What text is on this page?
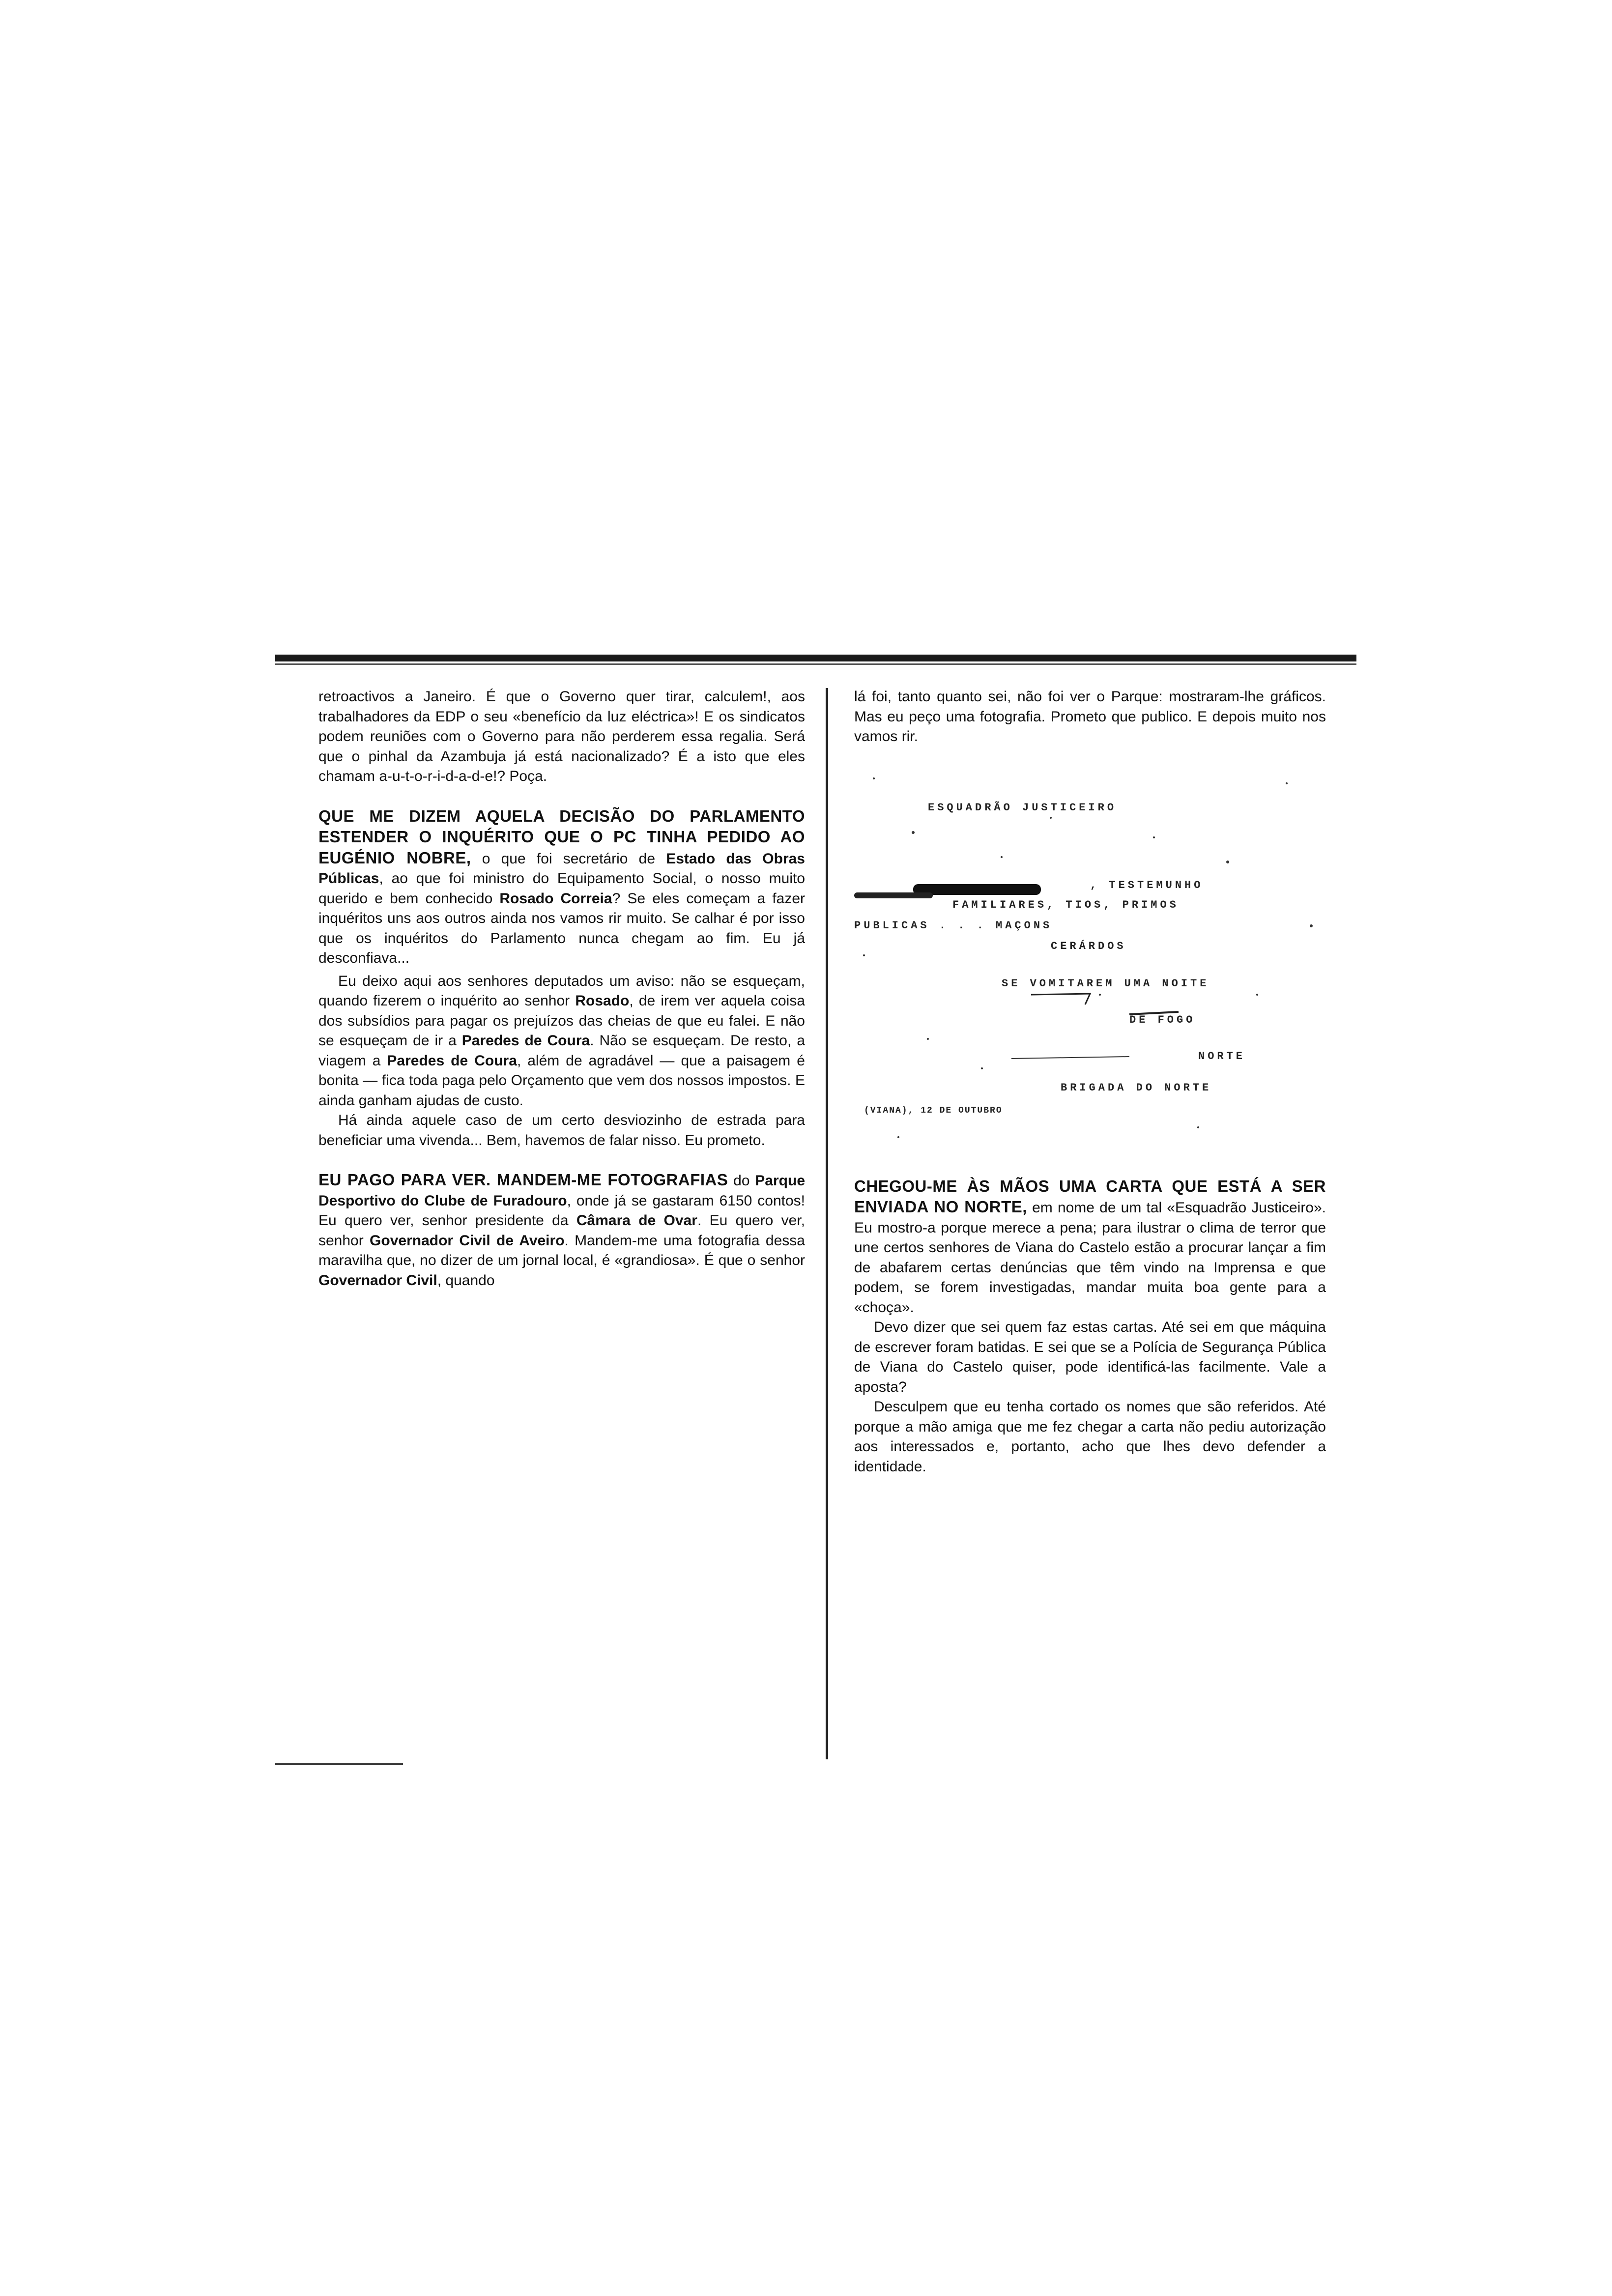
retroactivos a Janeiro. É que o Governo quer tirar, calculem!, aos trabalhadores da EDP o seu «benefício da luz eléctrica»! E os sindicatos podem reuniões com o Governo para não perderem essa regalia. Será que o pinhal da Azambuja já está nacionalizado? É a isto que eles chamam a-u-t-o-r-i-d-a-d-e!? Poça.

QUE ME DIZEM AQUELA DECISÃO DO PARLAMENTO ESTENDER O INQUÉRITO QUE O PC TINHA PEDIDO AO EUGÉNIO NOBRE, o que foi secretário de Estado das Obras Públicas, ao que foi ministro do Equipamento Social, o nosso muito querido e bem conhecido Rosado Correia? Se eles começam a fazer inquéritos uns aos outros ainda nos vamos rir muito. Se calhar é por isso que os inquéritos do Parlamento nunca chegam ao fim. Eu já desconfiava...

Eu deixo aqui aos senhores deputados um aviso: não se esqueçam, quando fizerem o inquérito ao senhor Rosado, de irem ver aquela coisa dos subsídios para pagar os prejuízos das cheias de que eu falei. E não se esqueçam de ir a Paredes de Coura. Não se esqueçam. De resto, a viagem a Paredes de Coura, além de agradável — que a paisagem é bonita — fica toda paga pelo Orçamento que vem dos nossos impostos. E ainda ganham ajudas de custo.

Há ainda aquele caso de um certo desviozinho de estrada para beneficiar uma vivenda... Bem, havemos de falar nisso. Eu prometo.

EU PAGO PARA VER. MANDEM-ME FOTOGRAFIAS do Parque Desportivo do Clube de Furadouro, onde já se gastaram 6150 contos! Eu quero ver, senhor presidente da Câmara de Ovar. Eu quero ver, senhor Governador Civil de Aveiro. Mandem-me uma fotografia dessa maravilha que, no dizer de um jornal local, é «grandiosa». É que o senhor Governador Civil, quando

lá foi, tanto quanto sei, não foi ver o Parque: mostraram-lhe gráficos. Mas eu peço uma fotografia. Prometo que publico. E depois muito nos vamos rir.

ESQUADRÃO JUSTICEIRO
, TESTEMUNHO
FAMILIARES, TIOS, PRIMOS
PUBLICAS . . . MAÇONS
CERÁRDOS
SE VOMITAREM UMA NOITE
DE FOGO
NORTE
BRIGADA DO NORTE
(VIANA), 12 DE OUTUBRO

CHEGOU-ME ÀS MÃOS UMA CARTA QUE ESTÁ A SER ENVIADA NO NORTE, em nome de um tal «Esquadrão Justiceiro». Eu mostro-a porque merece a pena; para ilustrar o clima de terror que une certos senhores de Viana do Castelo estão a procurar lançar a fim de abafarem certas denúncias que têm vindo na Imprensa e que podem, se forem investigadas, mandar muita boa gente para a «choça».

Devo dizer que sei quem faz estas cartas. Até sei em que máquina de escrever foram batidas. E sei que se a Polícia de Segurança Pública de Viana do Castelo quiser, pode identificá-las facilmente. Vale a aposta?

Desculpem que eu tenha cortado os nomes que são referidos. Até porque a mão amiga que me fez chegar a carta não pediu autorização aos interessados e, portanto, acho que lhes devo defender a identidade.
